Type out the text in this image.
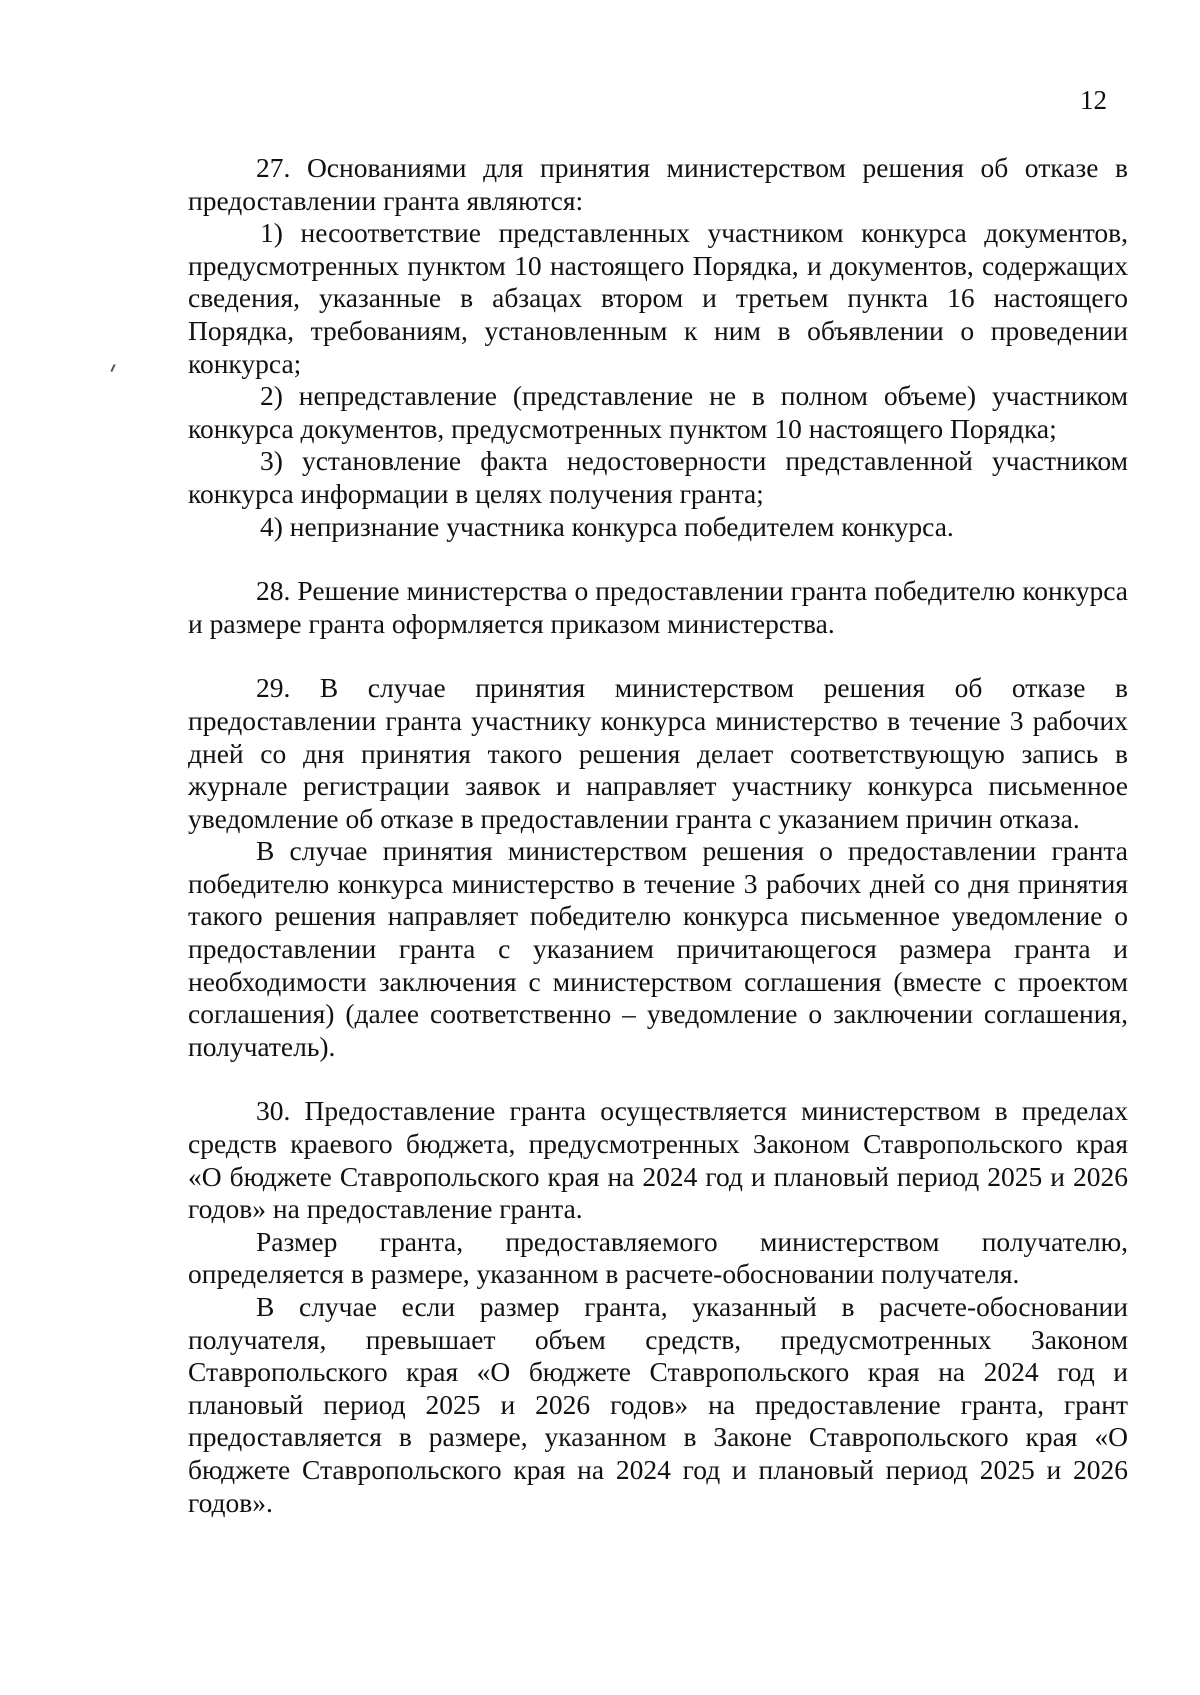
12

27. Основаниями для принятия министерством решения об отказе в предоставлении гранта являются:

1) несоответствие представленных участником конкурса документов, предусмотренных пунктом 10 настоящего Порядка, и документов, содержащих сведения, указанные в абзацах втором и третьем пункта 16 настоящего Порядка, требованиям, установленным к ним в объявлении о проведении конкурса;

2) непредставление (представление не в полном объеме) участником конкурса документов, предусмотренных пунктом 10 настоящего Порядка;

3) установление факта недостоверности представленной участником конкурса информации в целях получения гранта;

4) непризнание участника конкурса победителем конкурса.

28. Решение министерства о предоставлении гранта победителю конкурса и размере гранта оформляется приказом министерства.

29. В случае принятия министерством решения об отказе в предоставлении гранта участнику конкурса министерство в течение 3 рабочих дней со дня принятия такого решения делает соответствующую запись в журнале регистрации заявок и направляет участнику конкурса письменное уведомление об отказе в предоставлении гранта с указанием причин отказа.

В случае принятия министерством решения о предоставлении гранта победителю конкурса министерство в течение 3 рабочих дней со дня принятия такого решения направляет победителю конкурса письменное уведомление о предоставлении гранта с указанием причитающегося размера гранта и необходимости заключения с министерством соглашения (вместе с проектом соглашения) (далее соответственно – уведомление о заключении соглашения, получатель).

30. Предоставление гранта осуществляется министерством в пределах средств краевого бюджета, предусмотренных Законом Ставропольского края «О бюджете Ставропольского края на 2024 год и плановый период 2025 и 2026 годов» на предоставление гранта.

Размер гранта, предоставляемого министерством получателю, определяется в размере, указанном в расчете-обосновании получателя.

В случае если размер гранта, указанный в расчете-обосновании получателя, превышает объем средств, предусмотренных Законом Ставропольского края «О бюджете Ставропольского края на 2024 год и плановый период 2025 и 2026 годов» на предоставление гранта, грант предоставляется в размере, указанном в Законе Ставропольского края «О бюджете Ставропольского края на 2024 год и плановый период 2025 и 2026 годов».
